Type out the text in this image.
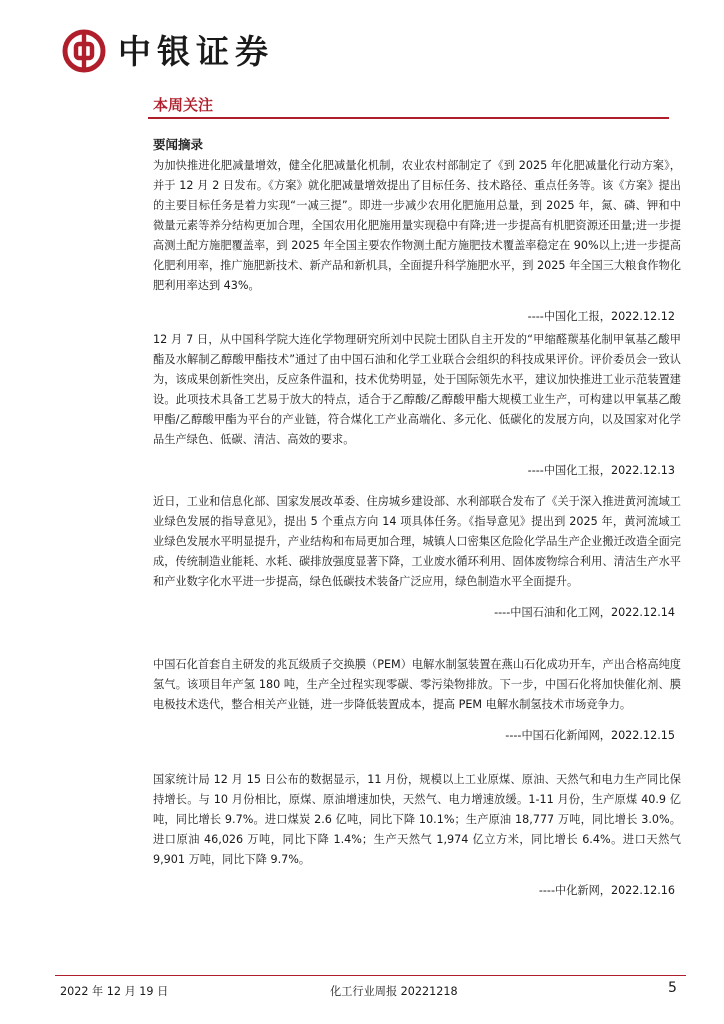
中银证券
本周关注
要闻摘录

为加快推进化肥减量增效，健全化肥减量化机制，农业农村部制定了《到 2025 年化肥减量化行动方案》，并于 12 月 2 日发布。《方案》就化肥减量增效提出了目标任务、技术路径、重点任务等。该《方案》提出的主要目标任务是着力实现“一减三提”。即进一步减少农用化肥施用总量，到 2025 年，氮、磷、钾和中微量元素等养分结构更加合理，全国农用化肥施用量实现稳中有降;进一步提高有机肥资源还田量;进一步提高测土配方施肥覆盖率，到 2025 年全国主要农作物测土配方施肥技术覆盖率稳定在 90%以上;进一步提高化肥利用率，推广施肥新技术、新产品和新机具，全面提升科学施肥水平，到 2025 年全国三大粮食作物化肥利用率达到 43%。

----中国化工报，2022.12.12

12 月 7 日，从中国科学院大连化学物理研究所刘中民院士团队自主开发的“甲缩醛羰基化制甲氧基乙酸甲酯及水解制乙醇酸甲酯技术”通过了由中国石油和化学工业联合会组织的科技成果评价。评价委员会一致认为，该成果创新性突出，反应条件温和，技术优势明显，处于国际领先水平，建议加快推进工业示范装置建设。此项技术具备工艺易于放大的特点，适合于乙醇酸/乙醇酸甲酯大规模工业生产，可构建以甲氧基乙酸甲酯/乙醇酸甲酯为平台的产业链，符合煤化工产业高端化、多元化、低碳化的发展方向，以及国家对化学品生产绿色、低碳、清洁、高效的要求。

----中国化工报，2022.12.13

近日，工业和信息化部、国家发展改革委、住房城乡建设部、水利部联合发布了《关于深入推进黄河流域工业绿色发展的指导意见》，提出 5 个重点方向 14 项具体任务。《指导意见》提出到 2025 年，黄河流域工业绿色发展水平明显提升，产业结构和布局更加合理，城镇人口密集区危险化学品生产企业搬迁改造全面完成，传统制造业能耗、水耗、碳排放强度显著下降，工业废水循环利用、固体废物综合利用、清洁生产水平和产业数字化水平进一步提高，绿色低碳技术装备广泛应用，绿色制造水平全面提升。

----中国石油和化工网，2022.12.14

中国石化首套自主研发的兆瓦级质子交换膜（PEM）电解水制氢装置在燕山石化成功开车，产出合格高纯度氢气。该项目年产氢 180 吨，生产全过程实现零碳、零污染物排放。下一步，中国石化将加快催化剂、膜电极技术迭代，整合相关产业链，进一步降低装置成本，提高 PEM 电解水制氢技术市场竞争力。

----中国石化新闻网，2022.12.15

国家统计局 12 月 15 日公布的数据显示，11 月份，规模以上工业原煤、原油、天然气和电力生产同比保持增长。与 10 月份相比，原煤、原油增速加快，天然气、电力增速放缓。1-11 月份，生产原煤 40.9 亿吨，同比增长 9.7%。进口煤炭 2.6 亿吨，同比下降 10.1%；生产原油 18,777 万吨，同比增长 3.0%。进口原油 46,026 万吨，同比下降 1.4%；生产天然气 1,974 亿立方米，同比增长 6.4%。进口天然气 9,901 万吨，同比下降 9.7%。

----中化新网，2022.12.16
2022 年 12 月 19 日	化工行业周报 20221218	5
